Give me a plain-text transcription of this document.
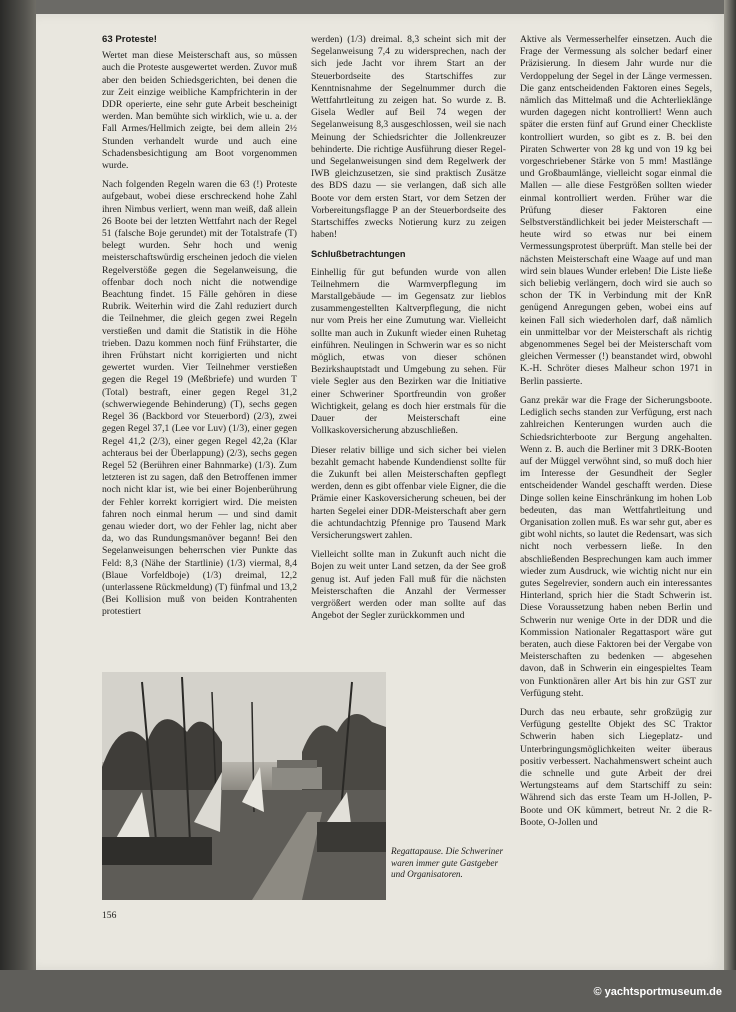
63 Proteste!

Wertet man diese Meisterschaft aus, so müssen auch die Proteste ausgewertet werden. Zuvor muß aber den beiden Schiedsgerichten, bei denen die zur Zeit einzige weibliche Kampfrichterin in der DDR operierte, eine sehr gute Arbeit bescheinigt werden. Man bemühte sich wirklich, wie u. a. der Fall Armes/Hellmich zeigte, bei dem allein 2½ Stunden verhandelt wurde und auch eine Schadensbesichtigung am Boot vorgenommen wurde.

Nach folgenden Regeln waren die 63 (!) Proteste aufgebaut, wobei diese erschreckend hohe Zahl ihren Nimbus verliert, wenn man weiß, daß allein 26 Boote bei der letzten Wettfahrt nach der Regel 51 (falsche Boje gerundet) mit der Totalstrafe (T) belegt wurden. Sehr hoch und wenig meisterschaftswürdig erscheinen jedoch die vielen Regelverstöße gegen die Segelanweisung, die offenbar doch noch nicht die notwendige Beachtung findet. 15 Fälle gehören in diese Rubrik. Weiterhin wird die Zahl reduziert durch die Teilnehmer, die gleich gegen zwei Regeln verstießen und damit die Statistik in die Höhe trieben. Dazu kommen noch fünf Frühstarter, die ihren Frühstart nicht korrigierten und nicht gewertet wurden. Vier Teilnehmer verstießen gegen die Regel 19 (Meßbriefe) und wurden T (Total) bestraft, einer gegen Regel 31,2 (schwerwiegende Behinderung) (T), sechs gegen Regel 36 (Backbord vor Steuerbord) (2/3), zwei gegen Regel 37,1 (Lee vor Luv) (1/3), einer gegen Regel 41,2 (2/3), einer gegen Regel 42,2a (Klar achteraus bei der Überlappung) (2/3), sechs gegen Regel 52 (Berühren einer Bahnmarke) (1/3). Zum letzteren ist zu sagen, daß den Betroffenen immer noch nicht klar ist, wie bei einer Bojenberührung der Fehler korrekt korrigiert wird. Die meisten fahren noch einmal herum — und sind damit genau wieder dort, wo der Fehler lag, nicht aber da, wo das Rundungsmanöver begann! Bei den Segelanweisungen beherrschen vier Punkte das Feld: 8,3 (Nähe der Startlinie) (1/3) viermal, 8,4 (Blaue Vorfeldboje) (1/3) dreimal, 12,2 (unterlassene Rückmeldung) (T) fünfmal und 13,2 (Bei Kollision muß von beiden Kontrahenten protestiert

werden) (1/3) dreimal. 8,3 scheint sich mit der Segelanweisung 7,4 zu widersprechen, nach der sich jede Jacht vor ihrem Start an der Steuerbordseite des Startschiffes zur Kenntnisnahme der Segelnummer durch die Wettfahrtleitung zu zeigen hat. So wurde z. B. Gisela Wedler auf Beil 74 wegen der Segelanweisung 8,3 ausgeschlossen, weil sie nach Meinung der Schiedsrichter die Jollenkreuzer behinderte. Die richtige Ausführung dieser Regel- und Segelanweisungen sind dem Regelwerk der IWB gleichzusetzen, sie sind praktisch Zusätze des BDS dazu — sie verlangen, daß sich alle Boote vor dem ersten Start, vor dem Setzen der Vorbereitungsflagge P an der Steuerbordseite des Startschiffes zwecks Notierung kurz zu zeigen haben!

Schlußbetrachtungen

Einhellig für gut befunden wurde von allen Teilnehmern die Warmverpflegung im Marstallgebäude — im Gegensatz zur lieblos zusammengestellten Kaltverpflegung, die nicht nur vom Preis her eine Zumutung war. Vielleicht sollte man auch in Zukunft wieder einen Ruhetag einführen. Neulingen in Schwerin war es so nicht möglich, etwas von dieser schönen Bezirkshauptstadt und Umgebung zu sehen. Für viele Segler aus den Bezirken war die Initiative einer Schweriner Sportfreundin von großer Wichtigkeit, gelang es doch hier erstmals für die Dauer der Meisterschaft eine Vollkaskoversicherung abzuschließen.

Dieser relativ billige und sich sicher bei vielen bezahlt gemacht habende Kundendienst sollte für die Zukunft bei allen Meisterschaften gepflegt werden, denn es gibt offenbar viele Eigner, die die Prämie einer Kaskoversicherung scheuen, bei der harten Segelei einer DDR-Meisterschaft aber gern die achtundachtzig Pfennige pro Tausend Mark Versicherungswert zahlen.

Vielleicht sollte man in Zukunft auch nicht die Bojen zu weit unter Land setzen, da der See groß genug ist. Auf jeden Fall muß für die nächsten Meisterschaften die Anzahl der Vermesser vergrößert werden oder man sollte auf das Angebot der Segler zurückkommen und

Aktive als Vermesserhelfer einsetzen. Auch die Frage der Vermessung als solcher bedarf einer Präzisierung. In diesem Jahr wurde nur die Verdoppelung der Segel in der Länge vermessen. Die ganz entscheidenden Faktoren eines Segels, nämlich das Mittelmaß und die Achterlieklänge wurden dagegen nicht kontrolliert! Wenn auch später die ersten fünf auf Grund einer Checkliste kontrolliert wurden, so gibt es z. B. bei den Piraten Schwerter von 28 kg und von 19 kg bei vorgeschriebener Stärke von 5 mm! Mastlänge und Großbaumlänge, vielleicht sogar einmal die Mallen — alle diese Festgrößen sollten wieder einmal kontrolliert werden. Früher war die Prüfung dieser Faktoren eine Selbstverständlichkeit bei jeder Meisterschaft — heute wird so etwas nur bei einem Vermessungsprotest überprüft. Man stelle bei der nächsten Meisterschaft eine Waage auf und man wird sein blaues Wunder erleben! Die Liste ließe sich beliebig verlängern, doch wird sie auch so schon der TK in Verbindung mit der KnR genügend Anregungen geben, wobei eins auf keinen Fall sich wiederholen darf, daß nämlich ein unmittelbar vor der Meisterschaft als richtig abgenommenes Segel bei der Meisterschaft vom gleichen Vermesser (!) beanstandet wird, obwohl K.-H. Schröter dieses Malheur schon 1971 in Berlin passierte.

Ganz prekär war die Frage der Sicherungsboote. Lediglich sechs standen zur Verfügung, erst nach zahlreichen Kenterungen wurden auch die Schiedsrichterboote zur Bergung angehalten. Wenn z. B. auch die Berliner mit 3 DRK-Booten auf der Müggel verwöhnt sind, so muß doch hier im Interesse der Gesundheit der Segler entscheidender Wandel geschafft werden. Diese Dinge sollen keine Einschränkung im hohen Lob bedeuten, das man Wettfahrtleitung und Organisation zollen muß. Es war sehr gut, aber es gibt wohl nichts, so lautet die Redensart, was sich nicht noch verbessern ließe. In den abschließenden Besprechungen kam auch immer wieder zum Ausdruck, wie wichtig nicht nur ein gutes Segelrevier, sondern auch ein interessantes Hinterland, sprich hier die Stadt Schwerin ist. Diese Voraussetzung haben neben Berlin und Schwerin nur wenige Orte in der DDR und die Kommission Nationaler Regattasport wäre gut beraten, auch diese Faktoren bei der Vergabe von Meisterschaften zu bedenken — abgesehen davon, daß in Schwerin ein eingespieltes Team von Funktionären aller Art bis hin zur GST zur Verfügung steht.

Durch das neu erbaute, sehr großzügig zur Verfügung gestellte Objekt des SC Traktor Schwerin haben sich Liegeplatz- und Unterbringungsmöglichkeiten weiter überaus positiv verbessert. Nachahmenswert scheint auch die schnelle und gute Arbeit der drei Wertungsteams auf dem Startschiff zu sein: Während sich das erste Team um H-Jollen, P-Boote und OK kümmert, betreut Nr. 2 die R-Boote, O-Jollen und

Regattapause. Die Schweriner waren immer gute Gastgeber und Organisatoren.
156
© yachtsportmuseum.de
